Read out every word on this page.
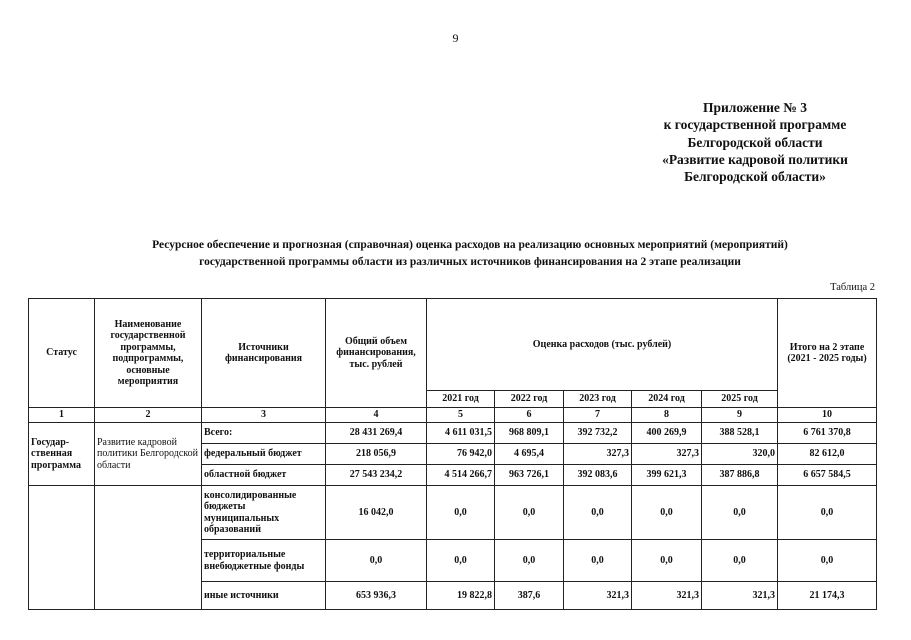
9
Приложение № 3
к государственной программе
Белгородской области
«Развитие кадровой политики
Белгородской области»
Ресурсное обеспечение и прогнозная (справочная) оценка расходов на реализацию основных мероприятий (мероприятий)
государственной программы области из различных источников финансирования на 2 этапе реализации
Таблица 2
Статус	Наименование государственной программы, подпрограммы, основные мероприятия	Источники финансирования	Общий объем финансирования, тыс. рублей	Оценка расходов (тыс. рублей)					Итого на 2 этапе (2021 - 2025 годы)
				2021 год	2022 год	2023 год	2024 год	2025 год	
1	2	3	4	5	6	7	8	9	10
Государ-ственная программа	Развитие кадровой политики Белгородской области	Всего:	28 431 269,4	4 611 031,5	968 809,1	392 732,2	400 269,9	388 528,1	6 761 370,8
		федеральный бюджет	218 056,9	76 942,0	4 695,4	327,3	327,3	320,0	82 612,0
		областной бюджет	27 543 234,2	4 514 266,7	963 726,1	392 083,6	399 621,3	387 886,8	6 657 584,5
		консолидированные бюджеты муниципальных образований	16 042,0	0,0	0,0	0,0	0,0	0,0	0,0
		территориальные внебюджетные фонды	0,0	0,0	0,0	0,0	0,0	0,0	0,0
		иные источники	653 936,3	19 822,8	387,6	321,3	321,3	321,3	21 174,3
